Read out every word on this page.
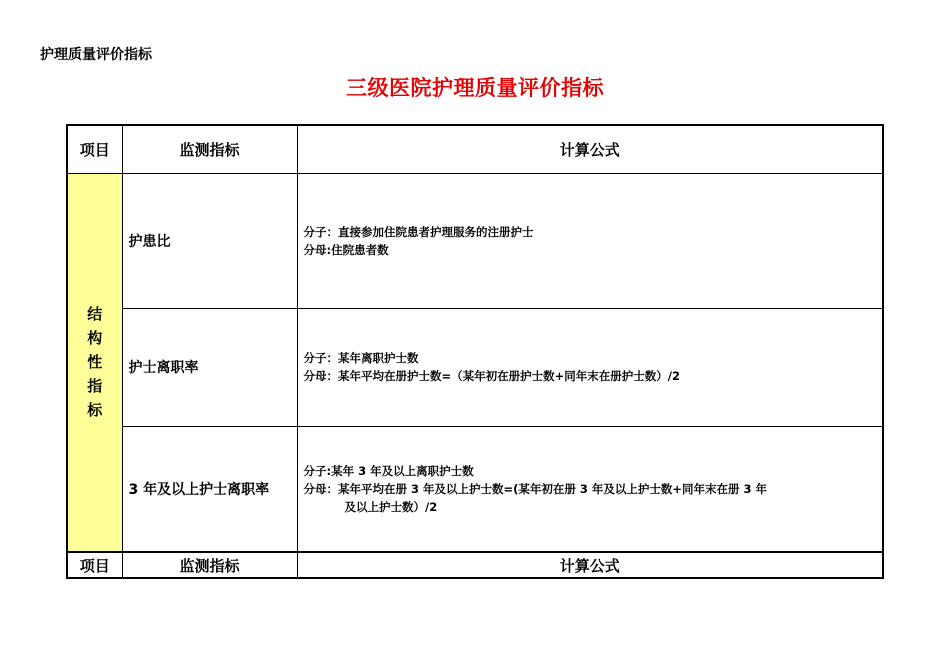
护理质量评价指标
三级医院护理质量评价指标
项目	监测指标	计算公式

结
构
性
指
标	护患比	分子：直接参加住院患者护理服务的注册护士
分母:住院患者数

	护士离职率	分子：某年离职护士数
分母：某年平均在册护士数=（某年初在册护士数+同年末在册护士数）/2

	3 年及以上护士离职率	分子:某年 3 年及以上离职护士数
分母：某年平均在册 3 年及以上护士数=(某年初在册 3 年及以上护士数+同年末在册 3 年
及以上护士数）/2

项目	监测指标	计算公式
